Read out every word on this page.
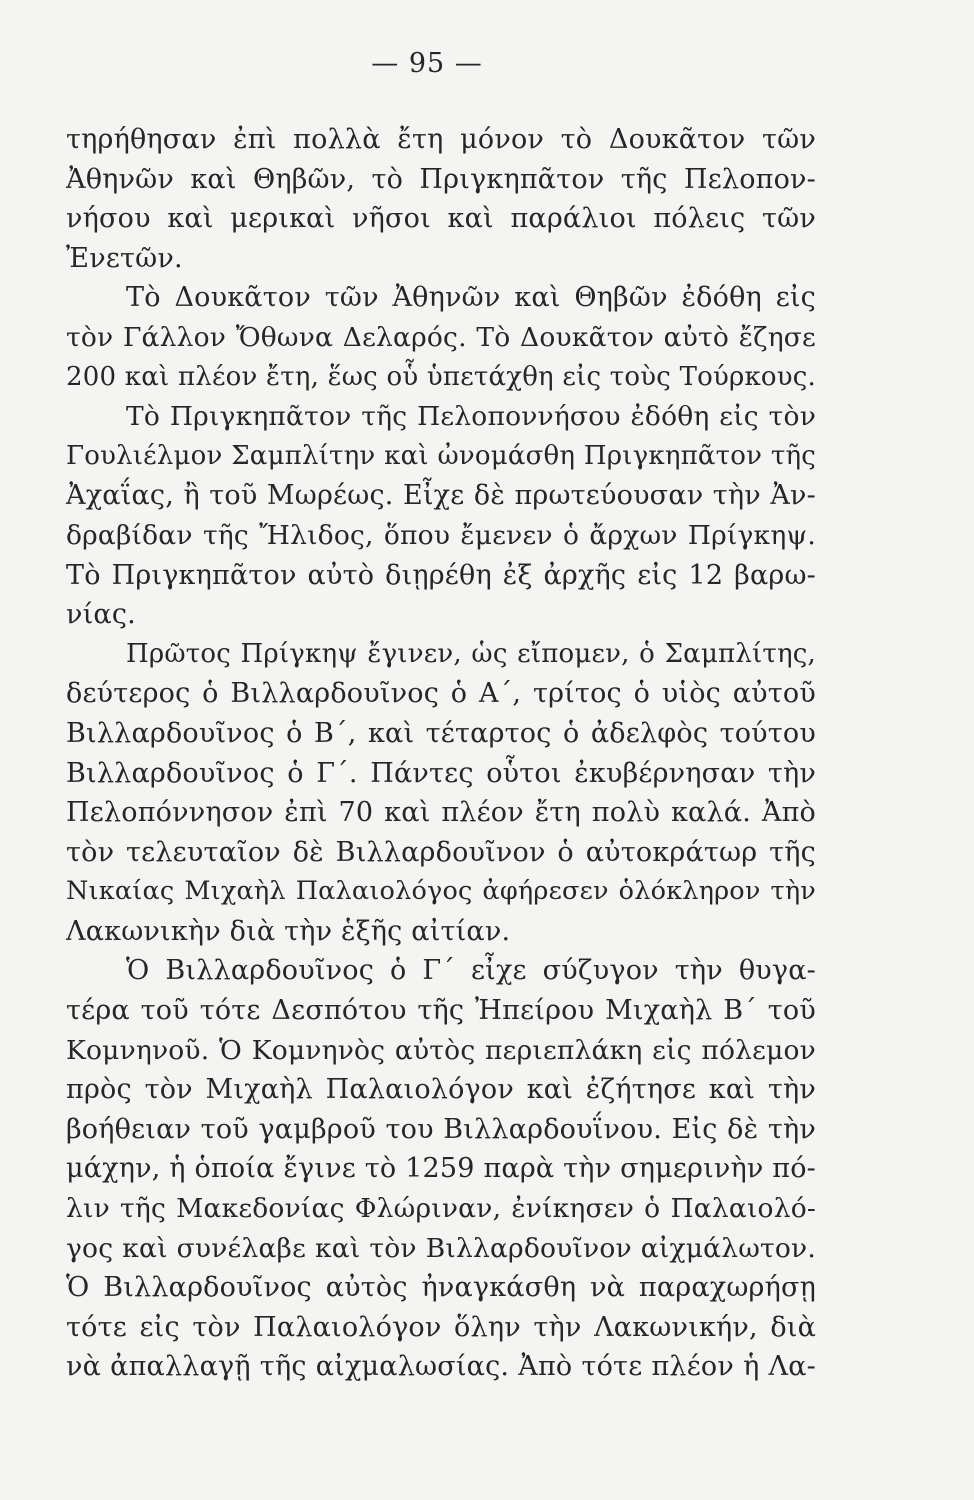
— 95 —
τηρήθησαν ἐπὶ πολλὰ ἔτη μόνον τὸ Δουκᾶτον τῶν
Ἀθηνῶν καὶ Θηβῶν, τὸ Πριγκηπᾶτον τῆς Πελοπον-
νήσου καὶ μερικαὶ νῆσοι καὶ παράλιοι πόλεις τῶν
Ἐνετῶν.
Τὸ Δουκᾶτον τῶν Ἀθηνῶν καὶ Θηβῶν ἐδόθη εἰς
τὸν Γάλλον Ὄθωνα Δελαρός. Τὸ Δουκᾶτον αὐτὸ ἔζησε
200 καὶ πλέον ἔτη, ἕως οὗ ὑπετάχθη εἰς τοὺς Τούρκους.
Τὸ Πριγκηπᾶτον τῆς Πελοποννήσου ἐδόθη εἰς τὸν
Γουλιέλμον Σαμπλίτην καὶ ὠνομάσθη Πριγκηπᾶτον τῆς
Ἀχαΐας, ἢ τοῦ Μωρέως. Εἶχε δὲ πρωτεύουσαν τὴν Ἀν-
δραβίδαν τῆς Ἤλιδος, ὅπου ἔμενεν ὁ ἄρχων Πρίγκηψ.
Τὸ Πριγκηπᾶτον αὐτὸ διῃρέθη ἐξ ἀρχῆς εἰς 12 βαρω-
νίας.
Πρῶτος Πρίγκηψ ἔγινεν, ὡς εἴπομεν, ὁ Σαμπλίτης,
δεύτερος ὁ Βιλλαρδουῖνος ὁ Α΄, τρίτος ὁ υἱὸς αὐτοῦ
Βιλλαρδουῖνος ὁ Β΄, καὶ τέταρτος ὁ ἀδελφὸς τούτου
Βιλλαρδουῖνος ὁ Γ΄. Πάντες οὗτοι ἐκυβέρνησαν τὴν
Πελοπόννησον ἐπὶ 70 καὶ πλέον ἔτη πολὺ καλά. Ἀπὸ
τὸν τελευταῖον δὲ Βιλλαρδουῖνον ὁ αὐτοκράτωρ τῆς
Νικαίας Μιχαὴλ Παλαιολόγος ἀφήρεσεν ὁλόκληρον τὴν
Λακωνικὴν διὰ τὴν ἑξῆς αἰτίαν.
Ὁ Βιλλαρδουῖνος ὁ Γ΄ εἶχε σύζυγον τὴν θυγα-
τέρα τοῦ τότε Δεσπότου τῆς Ἠπείρου Μιχαὴλ Β΄ τοῦ
Κομνηνοῦ. Ὁ Κομνηνὸς αὐτὸς περιεπλάκη εἰς πόλεμον
πρὸς τὸν Μιχαὴλ Παλαιολόγον καὶ ἐζήτησε καὶ τὴν
βοήθειαν τοῦ γαμβροῦ του Βιλλαρδουΐνου. Εἰς δὲ τὴν
μάχην, ἡ ὁποία ἔγινε τὸ 1259 παρὰ τὴν σημερινὴν πό-
λιν τῆς Μακεδονίας Φλώριναν, ἐνίκησεν ὁ Παλαιολό-
γος καὶ συνέλαβε καὶ τὸν Βιλλαρδουῖνον αἰχμάλωτον.
Ὁ Βιλλαρδουῖνος αὐτὸς ἠναγκάσθη νὰ παραχωρήσῃ
τότε εἰς τὸν Παλαιολόγον ὅλην τὴν Λακωνικήν, διὰ
νὰ ἀπαλλαγῇ τῆς αἰχμαλωσίας. Ἀπὸ τότε πλέον ἡ Λα-
